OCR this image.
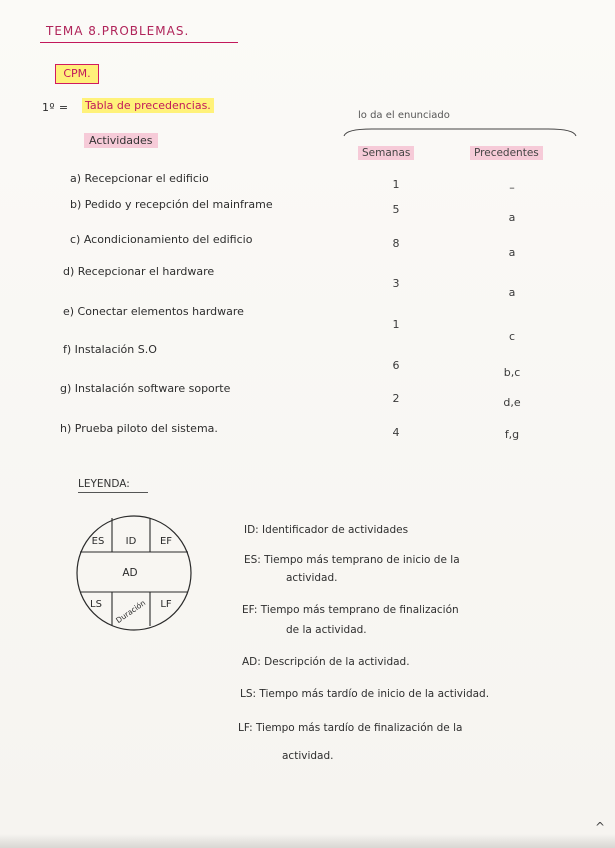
TEMA 8.PROBLEMAS.
CPM.
1º = Tabla de precedencias.
lo da el enunciado
Actividades
Semanas	Precedentes
a) Recepcionar el edificio
b) Pedido y recepción del mainframe
c) Acondicionamiento del edificio
d) Recepcionar el hardware
e) Conectar elementos hardware
f) Instalación S.O
g) Instalación software soporte
h) Prueba piloto del sistema.
1
5
8
3
1
6
2
4
–
a
a
a
c
b,c
d,e
f,g
LEYENDA:
ES ID EF
AD
LS Duración LF
ID: Identificador de actividades
ES: Tiempo más temprano de inicio de la
actividad.
EF: Tiempo más temprano de finalización
de la actividad.
AD: Descripción de la actividad.
LS: Tiempo más tardío de inicio de la actividad.
LF: Tiempo más tardío de finalización de la
actividad.
^
